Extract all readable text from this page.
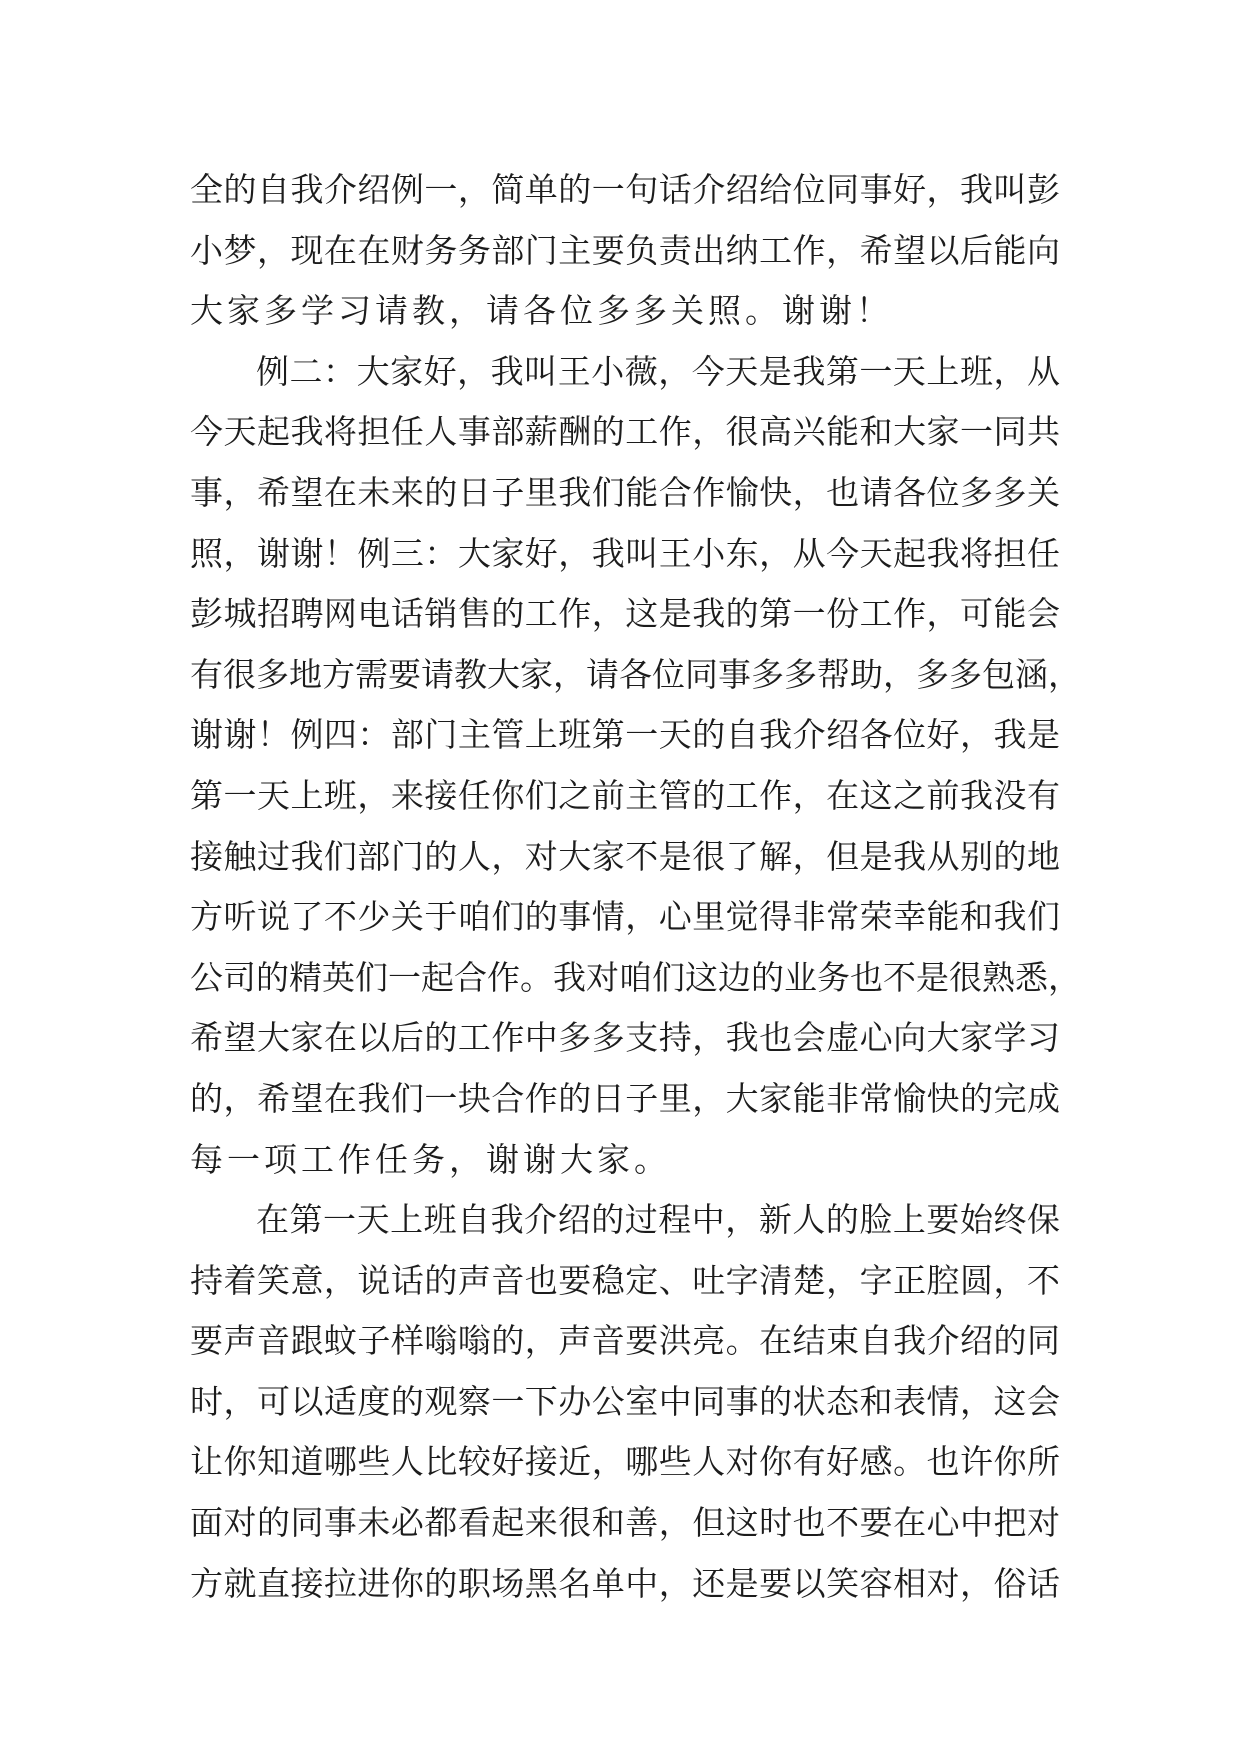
全的自我介绍例一，简单的一句话介绍给位同事好，我叫彭
小梦，现在在财务务部门主要负责出纳工作，希望以后能向
大家多学习请教，请各位多多关照。谢谢！
例二：大家好，我叫王小薇，今天是我第一天上班，从
今天起我将担任人事部薪酬的工作，很高兴能和大家一同共
事，希望在未来的日子里我们能合作愉快，也请各位多多关
照，谢谢！例三：大家好，我叫王小东，从今天起我将担任
彭城招聘网电话销售的工作，这是我的第一份工作，可能会
有很多地方需要请教大家，请各位同事多多帮助，多多包涵，
谢谢！例四：部门主管上班第一天的自我介绍各位好，我是
第一天上班，来接任你们之前主管的工作，在这之前我没有
接触过我们部门的人，对大家不是很了解，但是我从别的地
方听说了不少关于咱们的事情，心里觉得非常荣幸能和我们
公司的精英们一起合作。我对咱们这边的业务也不是很熟悉，
希望大家在以后的工作中多多支持，我也会虚心向大家学习
的，希望在我们一块合作的日子里，大家能非常愉快的完成
每一项工作任务，谢谢大家。
在第一天上班自我介绍的过程中，新人的脸上要始终保
持着笑意，说话的声音也要稳定、吐字清楚，字正腔圆，不
要声音跟蚊子样嗡嗡的，声音要洪亮。在结束自我介绍的同
时，可以适度的观察一下办公室中同事的状态和表情，这会
让你知道哪些人比较好接近，哪些人对你有好感。也许你所
面对的同事未必都看起来很和善，但这时也不要在心中把对
方就直接拉进你的职场黑名单中，还是要以笑容相对，俗话
